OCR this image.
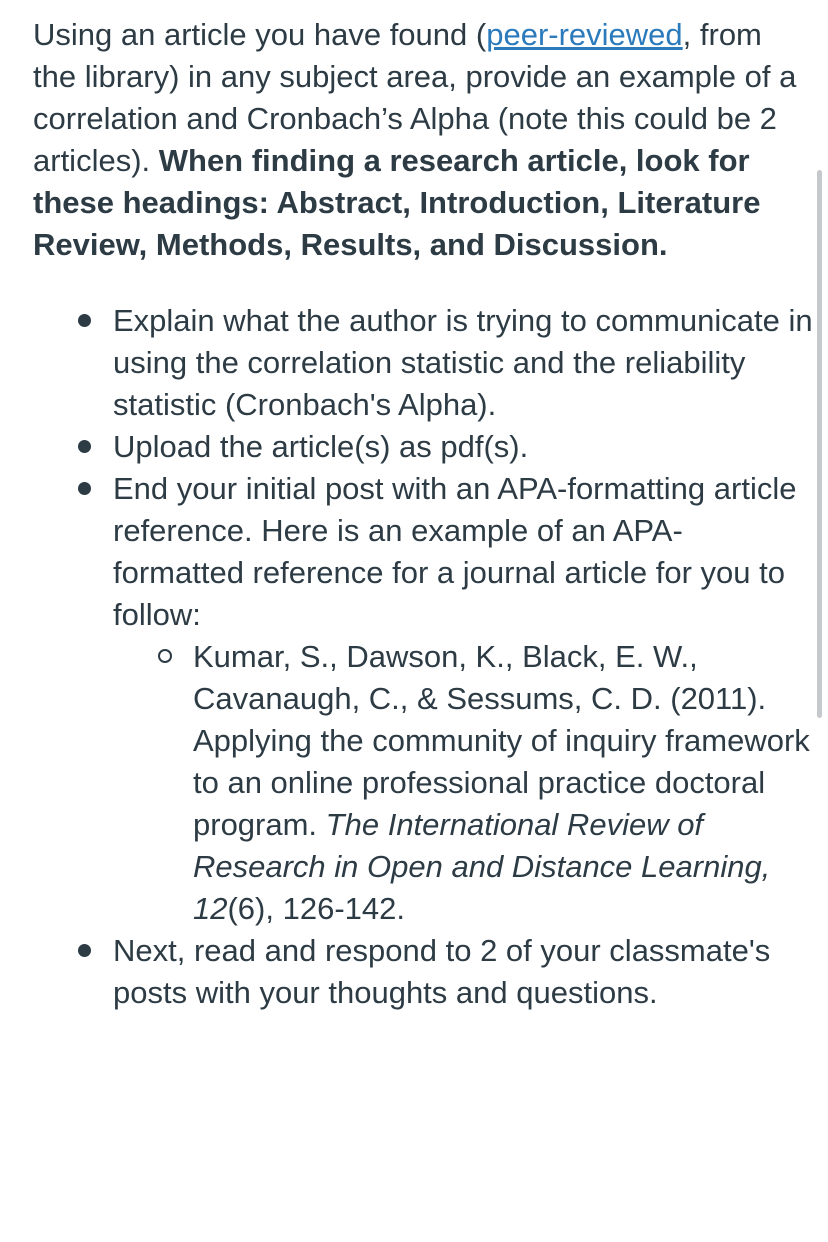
Using an article you have found (peer-reviewed, from the library) in any subject area, provide an example of a correlation and Cronbach’s Alpha (note this could be 2 articles). When finding a research article, look for these headings: Abstract, Introduction, Literature Review, Methods, Results, and Discussion.

Explain what the author is trying to communicate in using the correlation statistic and the reliability statistic (Cronbach's Alpha).
Upload the article(s) as pdf(s).
End your initial post with an APA-formatting article reference. Here is an example of an APA-formatted reference for a journal article for you to follow:
Kumar, S., Dawson, K., Black, E. W., Cavanaugh, C., & Sessums, C. D. (2011). Applying the community of inquiry framework to an online professional practice doctoral program. The International Review of Research in Open and Distance Learning, 12(6), 126-142.
Next, read and respond to 2 of your classmate's posts with your thoughts and questions.
